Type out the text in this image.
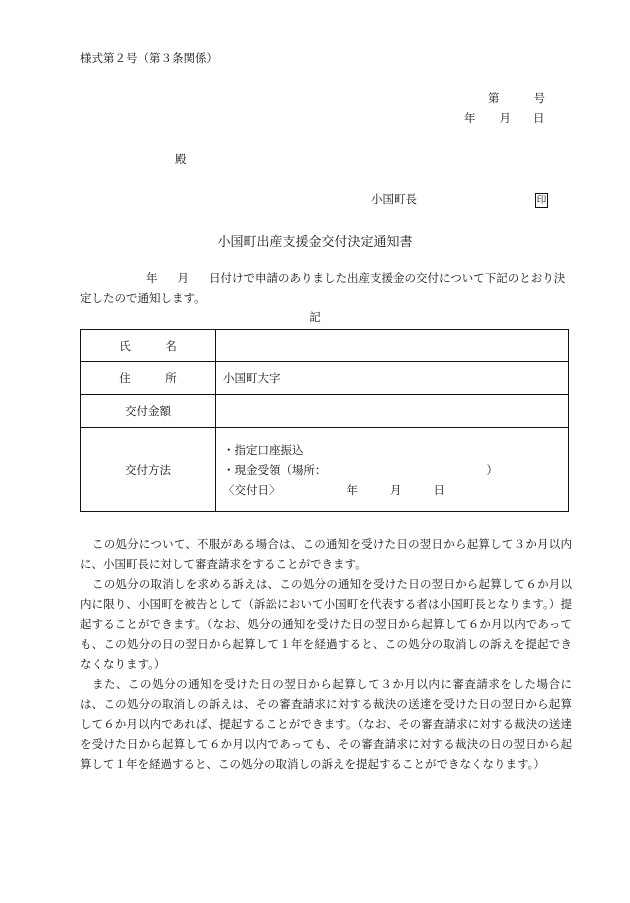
様式第２号（第３条関係）
第	号
年 月 日
殿
小国町長	印
小国町出産支援金交付決定通知書
年 月 日付けで申請のありました出産支援金の交付について下記のとおり決
定したので通知します。
記
氏　　　名	
住　　　所	小国町大字
交付金額	
交付方法	・指定口座振込
・現金受領（場所： ）
〈交付日〉 年 月 日

この処分について、不服がある場合は、この通知を受けた日の翌日から起算して３か月以内に、小国町長に対して審査請求をすることができます。

この処分の取消しを求める訴えは、この処分の通知を受けた日の翌日から起算して６か月以内に限り、小国町を被告として（訴訟において小国町を代表する者は小国町長となります。）提起することができます。（なお、処分の通知を受けた日の翌日から起算して６か月以内であっても、この処分の日の翌日から起算して１年を経過すると、この処分の取消しの訴えを提起できなくなります。）

また、この処分の通知を受けた日の翌日から起算して３か月以内に審査請求をした場合には、この処分の取消しの訴えは、その審査請求に対する裁決の送達を受けた日の翌日から起算して６か月以内であれば、提起することができます。（なお、その審査請求に対する裁決の送達を受けた日から起算して６か月以内であっても、その審査請求に対する裁決の日の翌日から起算して１年を経過すると、この処分の取消しの訴えを提起することができなくなります。）
